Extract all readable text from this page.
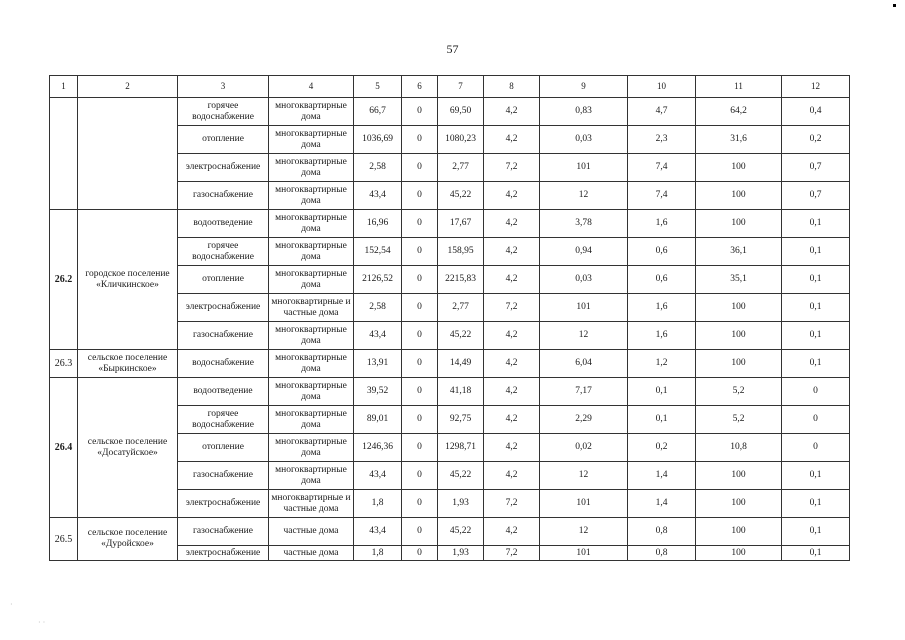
57
1	2	3	4	5	6	7	8	9	10	11	12
		горячее водоснабжение	многоквартирные дома	66,7	0	69,50	4,2	0,83	4,7	64,2	0,4
		отопление	многоквартирные дома	1036,69	0	1080,23	4,2	0,03	2,3	31,6	0,2
		электроснабжение	многоквартирные дома	2,58	0	2,77	7,2	101	7,4	100	0,7
		газоснабжение	многоквартирные дома	43,4	0	45,22	4,2	12	7,4	100	0,7
26.2	городское поселение «Кличкинское»	водоотведение	многоквартирные дома	16,96	0	17,67	4,2	3,78	1,6	100	0,1
		горячее водоснабжение	многоквартирные дома	152,54	0	158,95	4,2	0,94	0,6	36,1	0,1
		отопление	многоквартирные дома	2126,52	0	2215,83	4,2	0,03	0,6	35,1	0,1
		электроснабжение	многоквартирные и частные дома	2,58	0	2,77	7,2	101	1,6	100	0,1
		газоснабжение	многоквартирные дома	43,4	0	45,22	4,2	12	1,6	100	0,1
26.3	сельское поселение «Быркинское»	водоснабжение	многоквартирные дома	13,91	0	14,49	4,2	6,04	1,2	100	0,1
26.4	сельское поселение «Досатуйское»	водоотведение	многоквартирные дома	39,52	0	41,18	4,2	7,17	0,1	5,2	0
		горячее водоснабжение	многоквартирные дома	89,01	0	92,75	4,2	2,29	0,1	5,2	0
		отопление	многоквартирные дома	1246,36	0	1298,71	4,2	0,02	0,2	10,8	0
		газоснабжение	многоквартирные дома	43,4	0	45,22	4,2	12	1,4	100	0,1
		электроснабжение	многоквартирные и частные дома	1,8	0	1,93	7,2	101	1,4	100	0,1
26.5	сельское поселение «Дуройское»	газоснабжение	частные дома	43,4	0	45,22	4,2	12	0,8	100	0,1
		электроснабжение	частные дома	1,8	0	1,93	7,2	101	0,8	100	0,1
·
· ·
